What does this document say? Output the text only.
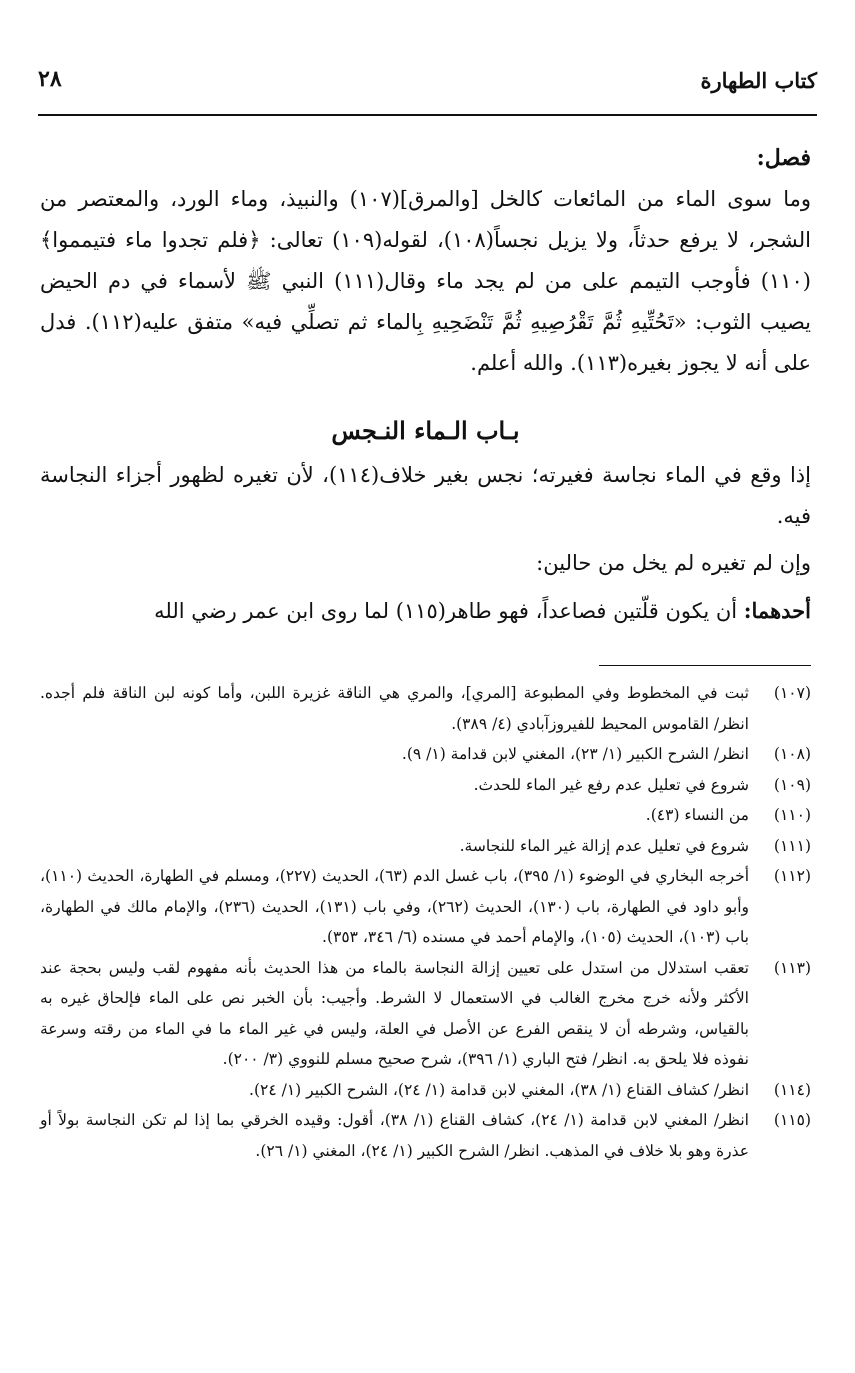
كتاب الطهارة
٢٨

فصل:

وما سوى الماء من المائعات كالخل [والمرق](١٠٧) والنبيذ، وماء الورد، والمعتصر من الشجر، لا يرفع حدثاً، ولا يزيل نجساً(١٠٨)، لقوله(١٠٩) تعالى: ﴿فلم تجدوا ماء فتيمموا﴾(١١٠) فأوجب التيمم على من لم يجد ماء وقال(١١١) النبي ﷺ لأسماء في دم الحيض يصيب الثوب: «تَحُتِّيهِ ثُمَّ تَقْرُصِيهِ ثُمَّ تَنْضَحِيهِ بِالماء ثم تصلِّي فيه» متفق عليه(١١٢). فدل على أنه لا يجوز بغيره(١١٣). والله أعلم.

بـاب الـماء النـجس

إذا وقع في الماء نجاسة فغيرته؛ نجس بغير خلاف(١١٤)، لأن تغيره لظهور أجزاء النجاسة فيه.

وإن لم تغيره لم يخل من حالين:

أحدهما: أن يكون قلّتين فصاعداً، فهو طاهر(١١٥) لما روى ابن عمر رضي الله

(١٠٧)
ثبت في المخطوط وفي المطبوعة [المري]، والمري هي الناقة غزيرة اللبن، وأما كونه لبن الناقة فلم أجده. انظر/ القاموس المحيط للفيروزآبادي (٤/ ٣٨٩).
(١٠٨)
انظر/ الشرح الكبير (١/ ٢٣)، المغني لابن قدامة (١/ ٩).
(١٠٩)
شروع في تعليل عدم رفع غير الماء للحدث.
(١١٠)
من النساء (٤٣).
(١١١)
شروع في تعليل عدم إزالة غير الماء للنجاسة.
(١١٢)
أخرجه البخاري في الوضوء (١/ ٣٩٥)، باب غسل الدم (٦٣)، الحديث (٢٢٧)، ومسلم في الطهارة، الحديث (١١٠)، وأبو داود في الطهارة، باب (١٣٠)، الحديث (٢٦٢)، وفي باب (١٣١)، الحديث (٢٣٦)، والإمام مالك في الطهارة، باب (١٠٣)، الحديث (١٠٥)، والإمام أحمد في مسنده (٦/ ٣٤٦، ٣٥٣).
(١١٣)
تعقب استدلال من استدل على تعيين إزالة النجاسة بالماء من هذا الحديث بأنه مفهوم لقب وليس بحجة عند الأكثر ولأنه خرج مخرج الغالب في الاستعمال لا الشرط. وأجيب: بأن الخبر نص على الماء فإلحاق غيره به بالقياس، وشرطه أن لا ينقص الفرع عن الأصل في العلة، وليس في غير الماء ما في الماء من رقته وسرعة نفوذه فلا يلحق به. انظر/ فتح الباري (١/ ٣٩٦)، شرح صحيح مسلم للنووي (٣/ ٢٠٠).
(١١٤)
انظر/ كشاف القناع (١/ ٣٨)، المغني لابن قدامة (١/ ٢٤)، الشرح الكبير (١/ ٢٤).
(١١٥)
انظر/ المغني لابن قدامة (١/ ٢٤)، كشاف القناع (١/ ٣٨)، أقول: وقيده الخرقي بما إذا لم تكن النجاسة بولاً أو عذرة وهو بلا خلاف في المذهب. انظر/ الشرح الكبير (١/ ٢٤)، المغني (١/ ٢٦).
